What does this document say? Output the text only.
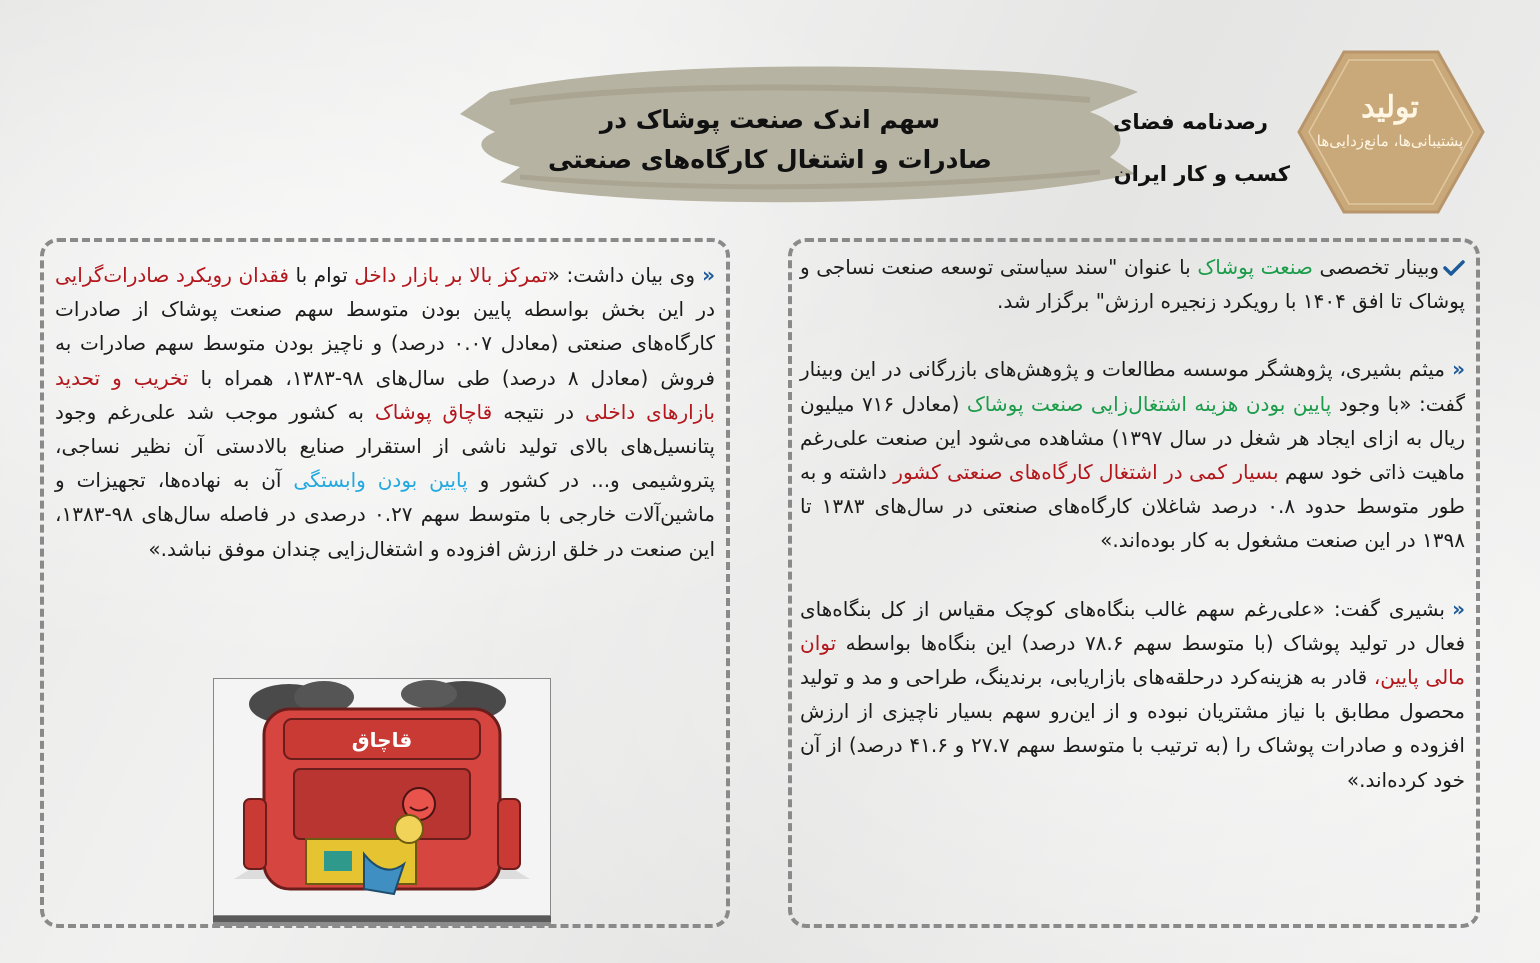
سهم اندک صنعت پوشاک در
صادرات و اشتغال کارگاه‌های صنعتی
رصدنامه فضای
کسب و کار ایران
تولید
پشتیبانی‌ها، مانع‌زدایی‌ها

وبینار تخصصی صنعت پوشاک با عنوان "سند سیاستی توسعه صنعت نساجی و پوشاک تا افق ۱۴۰۴ با رویکرد زنجیره ارزش" برگزار شد.

«میثم بشیری، پژوهشگر موسسه مطالعات و پژوهش‌های بازرگانی در این وبینار گفت: «با وجود پایین بودن هزینه اشتغال‌زایی صنعت پوشاک (معادل ۷۱۶ میلیون ریال به ازای ایجاد هر شغل در سال ۱۳۹۷) مشاهده می‌شود این صنعت علی‌رغم ماهیت ذاتی خود سهم بسیار کمی در اشتغال کارگاه‌های صنعتی کشور داشته و به طور متوسط حدود ۰.۸ درصد شاغلان کارگاه‌های صنعتی در سال‌های ۱۳۸۳ تا ۱۳۹۸ در این صنعت مشغول به کار بوده‌اند.»

«بشیری گفت: «علی‌رغم سهم غالب بنگاه‌های کوچک مقیاس از کل بنگاه‌های فعال در تولید پوشاک (با متوسط سهم ۷۸.۶ درصد) این بنگاه‌ها بواسطه توان مالی پایین، قادر به هزینه‌کرد درحلقه‌های بازاریابی، برندینگ، طراحی و مد و تولید محصول مطابق با نیاز مشتریان نبوده و از این‌رو سهم بسیار ناچیزی از ارزش افزوده و صادرات پوشاک را (به ترتیب با متوسط سهم ۲۷.۷ و ۴۱.۶ درصد) از آن خود کرده‌اند.»

«وی بیان داشت: «تمرکز بالا بر بازار داخل توام با فقدان رویکرد صادرات‌گرایی در این بخش بواسطه پایین بودن متوسط سهم صنعت پوشاک از صادرات کارگاه‌های صنعتی (معادل ۰.۰۷ درصد) و ناچیز بودن متوسط سهم صادرات به فروش (معادل ۸ درصد) طی سال‌های ۹۸-۱۳۸۳، همراه با تخریب و تحدید بازارهای داخلی در نتیجه قاچاق پوشاک به کشور موجب شد علی‌رغم وجود پتانسیل‌های بالای تولید ناشی از استقرار صنایع بالادستی آن نظیر نساجی، پتروشیمی و... در کشور و پایین بودن وابستگی آن به نهاده‌ها، تجهیزات و ماشین‌آلات خارجی با متوسط سهم ۰.۲۷ درصدی در فاصله سال‌های ۹۸-۱۳۸۳، این صنعت در خلق ارزش افزوده و اشتغال‌زایی چندان موفق نباشد.»

قاچاق
